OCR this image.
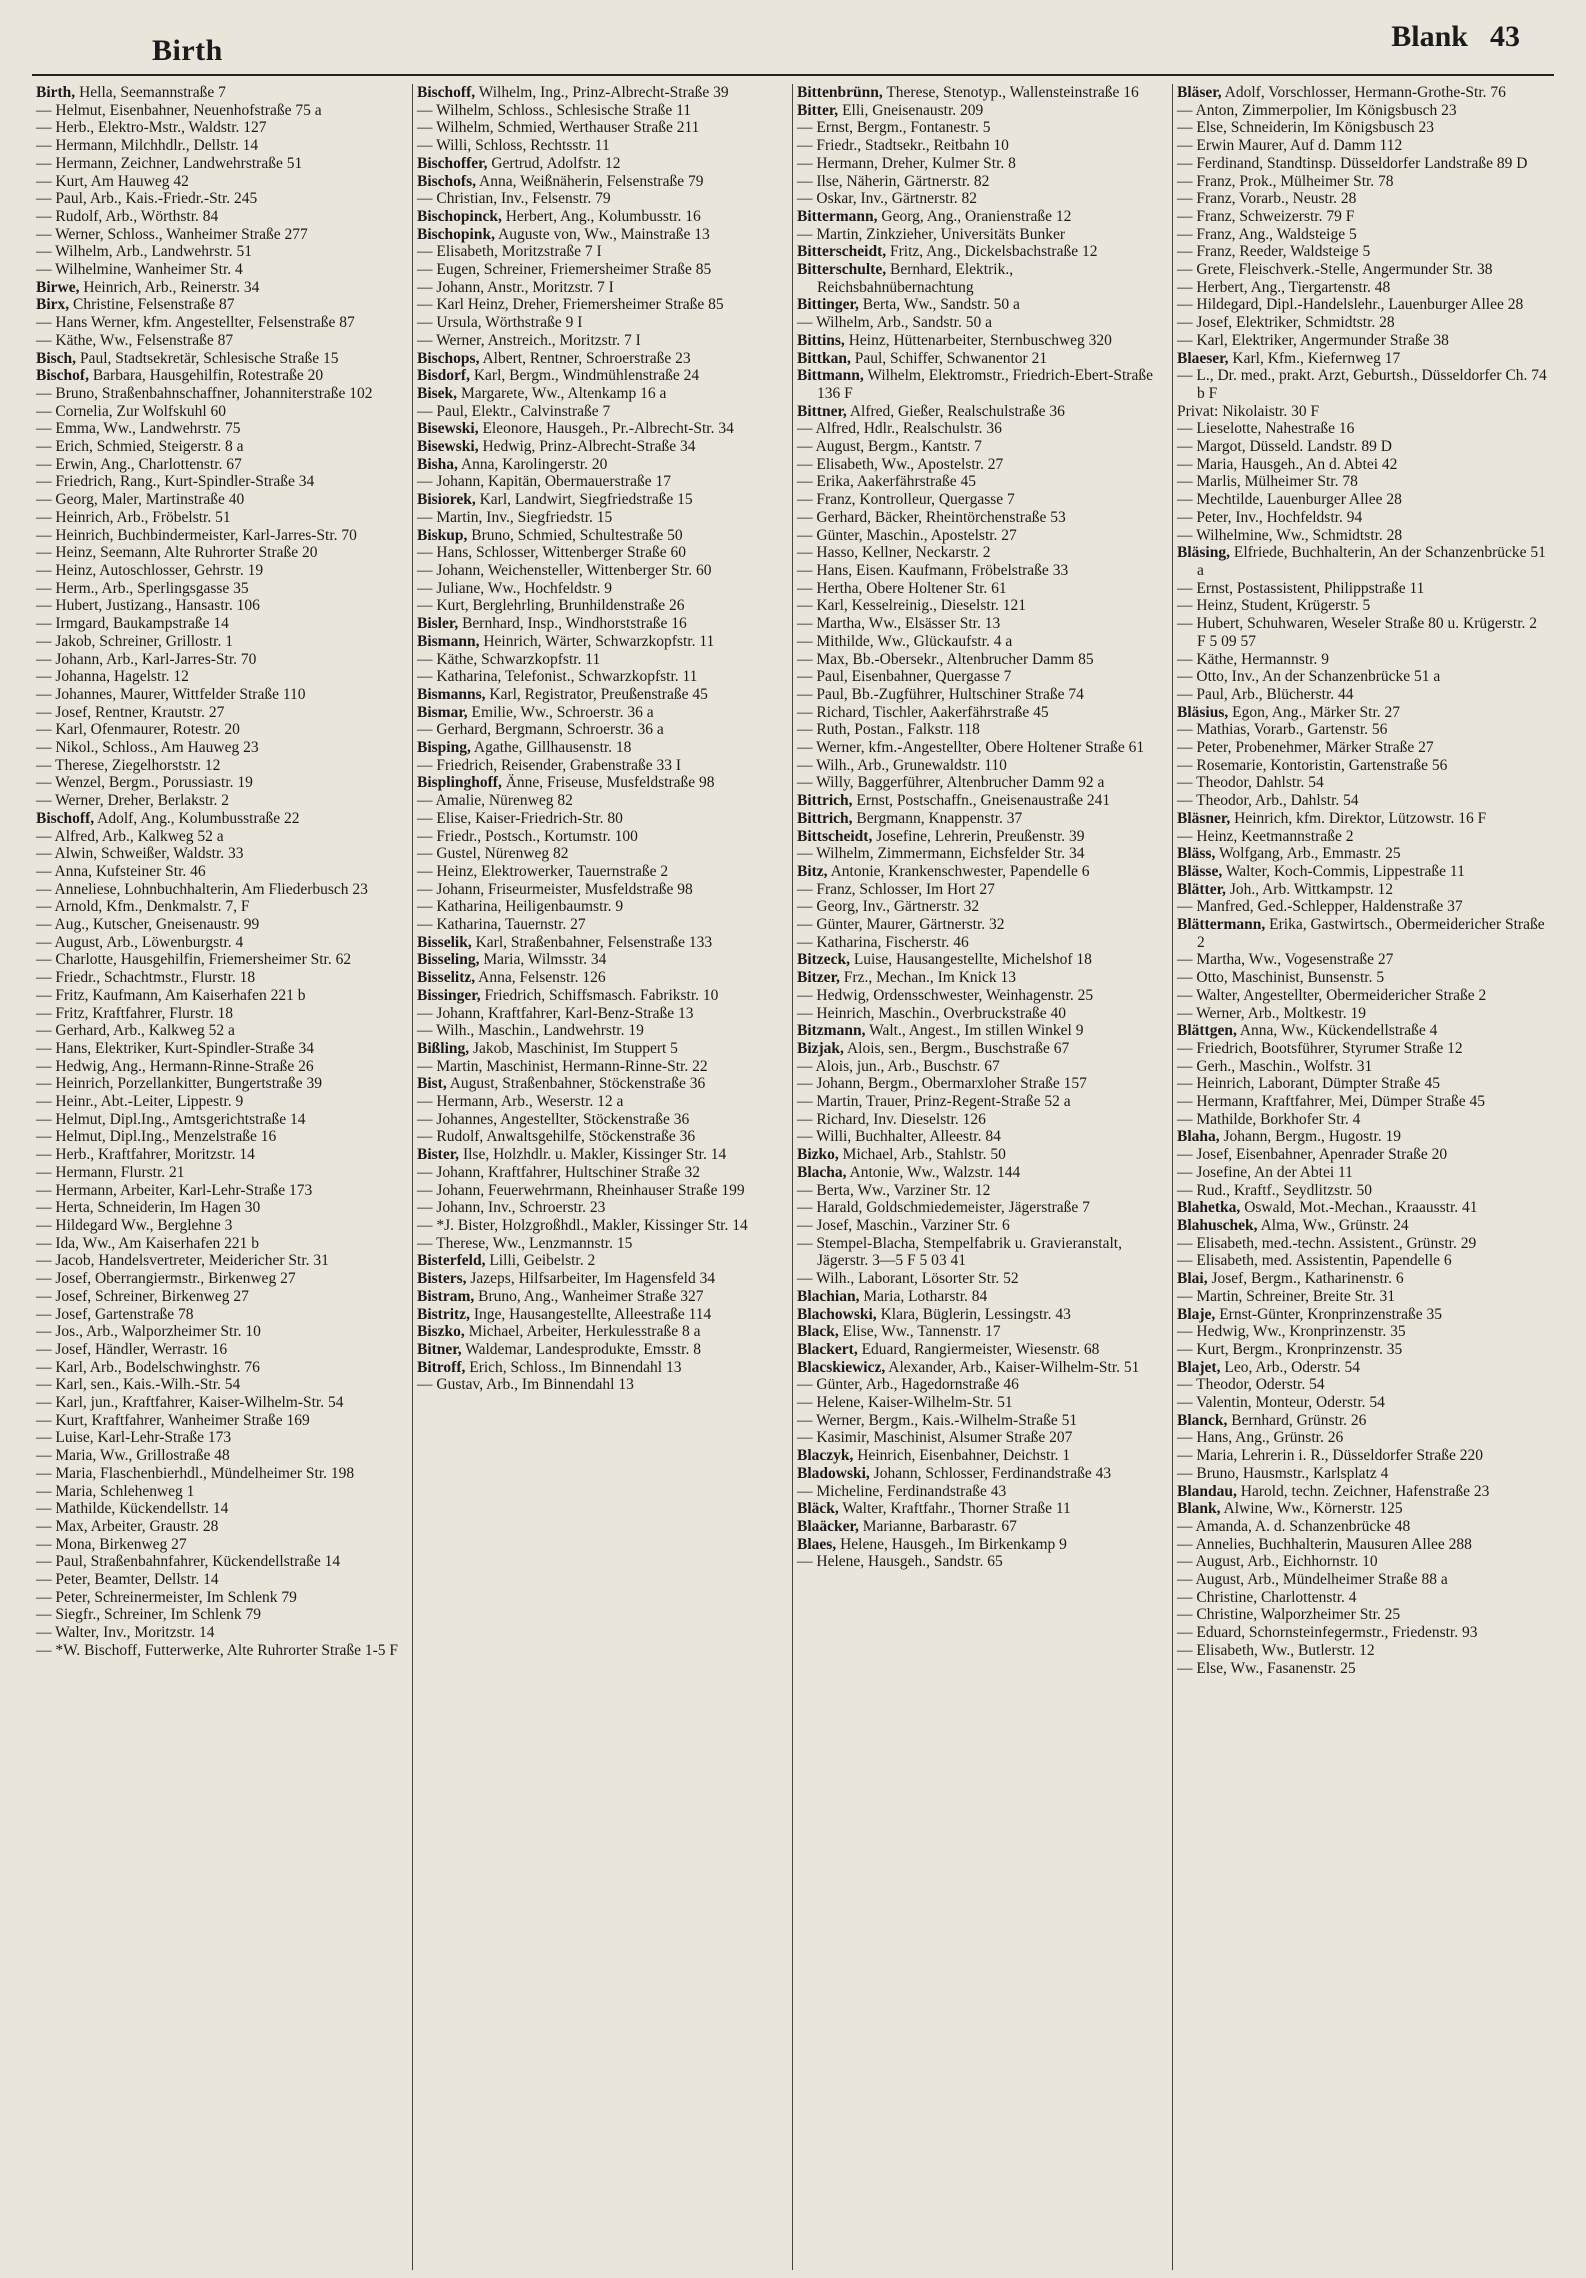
Birth	Blank 43
Birth, Hella, Seemannstraße 7
— Helmut, Eisenbahner, Neuenhofstraße 75 a
— Herb., Elektro-Mstr., Waldstr. 127
— Hermann, Milchhdlr., Dellstr. 14
— Hermann, Zeichner, Landwehrstraße 51
— Kurt, Am Hauweg 42
— Paul, Arb., Kais.-Friedr.-Str. 245
— Rudolf, Arb., Wörthstr. 84
— Werner, Schloss., Wanheimer Straße 277
— Wilhelm, Arb., Landwehrstr. 51
— Wilhelmine, Wanheimer Str. 4
Birwe, Heinrich, Arb., Reinerstr. 34
Birx, Christine, Felsenstraße 87
— Hans Werner, kfm. Angestellter, Felsenstraße 87
— Käthe, Ww., Felsenstraße 87
Bisch, Paul, Stadtsekretär, Schlesische Straße 15
Bischof, Barbara, Hausgehilfin, Rotestraße 20
— Bruno, Straßenbahnschaffner, Johanniterstraße 102
— Cornelia, Zur Wolfskuhl 60
— Emma, Ww., Landwehrstr. 75
— Erich, Schmied, Steigerstr. 8 a
— Erwin, Ang., Charlottenstr. 67
— Friedrich, Rang., Kurt-Spindler-Straße 34
— Georg, Maler, Martinstraße 40
— Heinrich, Arb., Fröbelstr. 51
— Heinrich, Buchbindermeister, Karl-Jarres-Str. 70
— Heinz, Seemann, Alte Ruhrorter Straße 20
— Heinz, Autoschlosser, Gehrstr. 19
— Herm., Arb., Sperlingsgasse 35
— Hubert, Justizang., Hansastr. 106
— Irmgard, Baukampstraße 14
— Jakob, Schreiner, Grillostr. 1
— Johann, Arb., Karl-Jarres-Str. 70
— Johanna, Hagelstr. 12
— Johannes, Maurer, Wittfelder Straße 110
— Josef, Rentner, Krautstr. 27
— Karl, Ofenmaurer, Rotestr. 20
— Nikol., Schloss., Am Hauweg 23
— Therese, Ziegelhorststr. 12
— Wenzel, Bergm., Porussiastr. 19
— Werner, Dreher, Berlakstr. 2
Bischoff, Adolf, Ang., Kolumbusstraße 22
— Alfred, Arb., Kalkweg 52 a
— Alwin, Schweißer, Waldstr. 33
— Anna, Kufsteiner Str. 46
— Anneliese, Lohnbuchhalterin, Am Fliederbusch 23
— Arnold, Kfm., Denkmalstr. 7, F
— Aug., Kutscher, Gneisenaustr. 99
— August, Arb., Löwenburgstr. 4
— Charlotte, Hausgehilfin, Friemersheimer Str. 62
— Friedr., Schachtmstr., Flurstr. 18
— Fritz, Kaufmann, Am Kaiserhafen 221 b
— Fritz, Kraftfahrer, Flurstr. 18
— Gerhard, Arb., Kalkweg 52 a
— Hans, Elektriker, Kurt-Spindler-Straße 34
— Hedwig, Ang., Hermann-Rinne-Straße 26
— Heinrich, Porzellankitter, Bungertstraße 39
— Heinr., Abt.-Leiter, Lippestr. 9
— Helmut, Dipl.Ing., Amtsgerichtstraße 14
— Helmut, Dipl.Ing., Menzelstraße 16
— Herb., Kraftfahrer, Moritzstr. 14
— Hermann, Flurstr. 21
— Hermann, Arbeiter, Karl-Lehr-Straße 173
— Herta, Schneiderin, Im Hagen 30
— Hildegard Ww., Berglehne 3
— Ida, Ww., Am Kaiserhafen 221 b
— Jacob, Handelsvertreter, Meidericher Str. 31
— Josef, Oberrangiermstr., Birkenweg 27
— Josef, Schreiner, Birkenweg 27
— Josef, Gartenstraße 78
— Jos., Arb., Walporzheimer Str. 10
— Josef, Händler, Werrastr. 16
— Karl, Arb., Bodelschwinghstr. 76
— Karl, sen., Kais.-Wilh.-Str. 54
— Karl, jun., Kraftfahrer, Kaiser-Wilhelm-Str. 54
— Kurt, Kraftfahrer, Wanheimer Straße 169
— Luise, Karl-Lehr-Straße 173
— Maria, Ww., Grillostraße 48
— Maria, Flaschenbierhdl., Mündelheimer Str. 198
— Maria, Schlehenweg 1
— Mathilde, Kückendellstr. 14
— Max, Arbeiter, Graustr. 28
— Mona, Birkenweg 27
— Paul, Straßenbahnfahrer, Kückendellstraße 14
— Peter, Beamter, Dellstr. 14
— Peter, Schreinermeister, Im Schlenk 79
— Siegfr., Schreiner, Im Schlenk 79
— Walter, Inv., Moritzstr. 14
— *W. Bischoff, Futterwerke, Alte Ruhrorter Straße 1-5 F
Bischoff, Wilhelm, Ing., Prinz-Albrecht-Straße 39
— Wilhelm, Schloss., Schlesische Straße 11
— Wilhelm, Schmied, Werthauser Straße 211
— Willi, Schloss, Rechtsstr. 11
Bischoffer, Gertrud, Adolfstr. 12
Bischofs, Anna, Weißnäherin, Felsenstraße 79
— Christian, Inv., Felsenstr. 79
Bischopinck, Herbert, Ang., Kolumbusstr. 16
Bischopink, Auguste von, Ww., Mainstraße 13
— Elisabeth, Moritzstraße 7 I
— Eugen, Schreiner, Friemersheimer Straße 85
— Johann, Anstr., Moritzstr. 7 I
— Karl Heinz, Dreher, Friemersheimer Straße 85
— Ursula, Wörthstraße 9 I
— Werner, Anstreich., Moritzstr. 7 I
Bischops, Albert, Rentner, Schroerstraße 23
Bisdorf, Karl, Bergm., Windmühlenstraße 24
Bisek, Margarete, Ww., Altenkamp 16 a
— Paul, Elektr., Calvinstraße 7
Bisewski, Eleonore, Hausgeh., Pr.-Albrecht-Str. 34
Bisewski, Hedwig, Prinz-Albrecht-Straße 34
Bisha, Anna, Karolingerstr. 20
— Johann, Kapitän, Obermauerstraße 17
Bisiorek, Karl, Landwirt, Siegfriedstraße 15
— Martin, Inv., Siegfriedstr. 15
Biskup, Bruno, Schmied, Schultestraße 50
— Hans, Schlosser, Wittenberger Straße 60
— Johann, Weichensteller, Wittenberger Str. 60
— Juliane, Ww., Hochfeldstr. 9
— Kurt, Berglehrling, Brunhildenstraße 26
Bisler, Bernhard, Insp., Windhorststraße 16
Bismann, Heinrich, Wärter, Schwarzkopfstr. 11
— Käthe, Schwarzkopfstr. 11
— Katharina, Telefonist., Schwarzkopfstr. 11
Bismanns, Karl, Registrator, Preußenstraße 45
Bismar, Emilie, Ww., Schroerstr. 36 a
— Gerhard, Bergmann, Schroerstr. 36 a
Bisping, Agathe, Gillhausenstr. 18
— Friedrich, Reisender, Grabenstraße 33 I
Bisplinghoff, Änne, Friseuse, Musfeldstraße 98
— Amalie, Nürenweg 82
— Elise, Kaiser-Friedrich-Str. 80
— Friedr., Postsch., Kortumstr. 100
— Gustel, Nürenweg 82
— Heinz, Elektrowerker, Tauernstraße 2
— Johann, Friseurmeister, Musfeldstraße 98
— Katharina, Heiligenbaumstr. 9
— Katharina, Tauernstr. 27
Bisselik, Karl, Straßenbahner, Felsenstraße 133
Bisseling, Maria, Wilmsstr. 34
Bisselitz, Anna, Felsenstr. 126
Bissinger, Friedrich, Schiffsmasch. Fabrikstr. 10
— Johann, Kraftfahrer, Karl-Benz-Straße 13
— Wilh., Maschin., Landwehrstr. 19
Bißling, Jakob, Maschinist, Im Stuppert 5
— Martin, Maschinist, Hermann-Rinne-Str. 22
Bist, August, Straßenbahner, Stöckenstraße 36
— Hermann, Arb., Weserstr. 12 a
— Johannes, Angestellter, Stöckenstraße 36
— Rudolf, Anwaltsgehilfe, Stöckenstraße 36
Bister, Ilse, Holzhdlr. u. Makler, Kissinger Str. 14
— Johann, Kraftfahrer, Hultschiner Straße 32
— Johann, Feuerwehrmann, Rheinhauser Straße 199
— Johann, Inv., Schroerstr. 23
— *J. Bister, Holzgroßhdl., Makler, Kissinger Str. 14
— Therese, Ww., Lenzmannstr. 15
Bisterfeld, Lilli, Geibelstr. 2
Bisters, Jazeps, Hilfsarbeiter, Im Hagensfeld 34
Bistram, Bruno, Ang., Wanheimer Straße 327
Bistritz, Inge, Hausangestellte, Alleestraße 114
Biszko, Michael, Arbeiter, Herkulesstraße 8 a
Bitner, Waldemar, Landesprodukte, Emsstr. 8
Bitroff, Erich, Schloss., Im Binnendahl 13
— Gustav, Arb., Im Binnendahl 13
Bittenbrünn, Therese, Stenotyp., Wallensteinstraße 16
Bitter, Elli, Gneisenaustr. 209
— Ernst, Bergm., Fontanestr. 5
— Friedr., Stadtsekr., Reitbahn 10
— Hermann, Dreher, Kulmer Str. 8
— Ilse, Näherin, Gärtnerstr. 82
— Oskar, Inv., Gärtnerstr. 82
Bittermann, Georg, Ang., Oranienstraße 12
— Martin, Zinkzieher, Universitäts Bunker
Bitterscheidt, Fritz, Ang., Dickelsbachstraße 12
Bitterschulte, Bernhard, Elektrik., Reichsbahnübernachtung
Bittinger, Berta, Ww., Sandstr. 50 a
— Wilhelm, Arb., Sandstr. 50 a
Bittins, Heinz, Hüttenarbeiter, Sternbuschweg 320
Bittkan, Paul, Schiffer, Schwanentor 21
Bittmann, Wilhelm, Elektromstr., Friedrich-Ebert-Straße 136 F
Bittner, Alfred, Gießer, Realschulstraße 36
— Alfred, Hdlr., Realschulstr. 36
— August, Bergm., Kantstr. 7
— Elisabeth, Ww., Apostelstr. 27
— Erika, Aakerfährstraße 45
— Franz, Kontrolleur, Quergasse 7
— Gerhard, Bäcker, Rheintörchenstraße 53
— Günter, Maschin., Apostelstr. 27
— Hasso, Kellner, Neckarstr. 2
— Hans, Eisen. Kaufmann, Fröbelstraße 33
— Hertha, Obere Holtener Str. 61
— Karl, Kesselreinig., Dieselstr. 121
— Martha, Ww., Elsässer Str. 13
— Mithilde, Ww., Glückaufstr. 4 a
— Max, Bb.-Obersekr., Altenbrucher Damm 85
— Paul, Eisenbahner, Quergasse 7
— Paul, Bb.-Zugführer, Hultschiner Straße 74
— Richard, Tischler, Aakerfährstraße 45
— Ruth, Postan., Falkstr. 118
— Werner, kfm.-Angestellter, Obere Holtener Straße 61
— Wilh., Arb., Grunewaldstr. 110
— Willy, Baggerführer, Altenbrucher Damm 92 a
Bittrich, Ernst, Postschaffn., Gneisenaustraße 241
Bittrich, Bergmann, Knappenstr. 37
Bittscheidt, Josefine, Lehrerin, Preußenstr. 39
— Wilhelm, Zimmermann, Eichsfelder Str. 34
Bitz, Antonie, Krankenschwester, Papendelle 6
— Franz, Schlosser, Im Hort 27
— Georg, Inv., Gärtnerstr. 32
— Günter, Maurer, Gärtnerstr. 32
— Katharina, Fischerstr. 46
Bitzeck, Luise, Hausangestellte, Michelshof 18
Bitzer, Frz., Mechan., Im Knick 13
— Hedwig, Ordensschwester, Weinhagenstr. 25
— Heinrich, Maschin., Overbruckstraße 40
Bitzmann, Walt., Angest., Im stillen Winkel 9
Bizjak, Alois, sen., Bergm., Buschstraße 67
— Alois, jun., Arb., Buschstr. 67
— Johann, Bergm., Obermarxloher Straße 157
— Martin, Trauer, Prinz-Regent-Straße 52 a
— Richard, Inv. Dieselstr. 126
— Willi, Buchhalter, Alleestr. 84
Bizko, Michael, Arb., Stahlstr. 50
Blacha, Antonie, Ww., Walzstr. 144
— Berta, Ww., Varziner Str. 12
— Harald, Goldschmiedemeister, Jägerstraße 7
— Josef, Maschin., Varziner Str. 6
— Stempel-Blacha, Stempelfabrik u. Gravieranstalt, Jägerstr. 3—5 F 5 03 41
— Wilh., Laborant, Lösorter Str. 52
Blachian, Maria, Lotharstr. 84
Blachowski, Klara, Büglerin, Lessingstr. 43
Black, Elise, Ww., Tannenstr. 17
Blackert, Eduard, Rangiermeister, Wiesenstr. 68
Blacskiewicz, Alexander, Arb., Kaiser-Wilhelm-Str. 51
— Günter, Arb., Hagedornstraße 46
— Helene, Kaiser-Wilhelm-Str. 51
— Werner, Bergm., Kais.-Wilhelm-Straße 51
— Kasimir, Maschinist, Alsumer Straße 207
Blaczyk, Heinrich, Eisenbahner, Deichstr. 1
Bladowski, Johann, Schlosser, Ferdinandstraße 43
— Micheline, Ferdinandstraße 43
Bläck, Walter, Kraftfahr., Thorner Straße 11
Blaäcker, Marianne, Barbarastr. 67
Blaes, Helene, Hausgeh., Im Birkenkamp 9
— Helene, Hausgeh., Sandstr. 65
Bläser, Adolf, Vorschlosser, Hermann-Grothe-Str. 76
— Anton, Zimmerpolier, Im Königsbusch 23
— Else, Schneiderin, Im Königsbusch 23
— Erwin Maurer, Auf d. Damm 112
— Ferdinand, Standtinsp. Düsseldorfer Landstraße 89 D
— Franz, Prok., Mülheimer Str. 78
— Franz, Vorarb., Neustr. 28
— Franz, Schweizerstr. 79 F
— Franz, Ang., Waldsteige 5
— Franz, Reeder, Waldsteige 5
— Grete, Fleischverk.-Stelle, Angermunder Str. 38
— Herbert, Ang., Tiergartenstr. 48
— Hildegard, Dipl.-Handelslehr., Lauenburger Allee 28
— Josef, Elektriker, Schmidtstr. 28
— Karl, Elektriker, Angermunder Straße 38
Blaeser, Karl, Kfm., Kiefernweg 17
— L., Dr. med., prakt. Arzt, Geburtsh., Düsseldorfer Ch. 74 b F
Privat: Nikolaistr. 30 F
— Lieselotte, Nahestraße 16
— Margot, Düsseld. Landstr. 89 D
— Maria, Hausgeh., An d. Abtei 42
— Marlis, Mülheimer Str. 78
— Mechtilde, Lauenburger Allee 28
— Peter, Inv., Hochfeldstr. 94
— Wilhelmine, Ww., Schmidtstr. 28
Bläsing, Elfriede, Buchhalterin, An der Schanzenbrücke 51 a
— Ernst, Postassistent, Philippstraße 11
— Heinz, Student, Krügerstr. 5
— Hubert, Schuhwaren, Weseler Straße 80 u. Krügerstr. 2 F 5 09 57
— Käthe, Hermannstr. 9
— Otto, Inv., An der Schanzenbrücke 51 a
— Paul, Arb., Blücherstr. 44
Bläsius, Egon, Ang., Märker Str. 27
— Mathias, Vorarb., Gartenstr. 56
— Peter, Probenehmer, Märker Straße 27
— Rosemarie, Kontoristin, Gartenstraße 56
— Theodor, Dahlstr. 54
— Theodor, Arb., Dahlstr. 54
Bläsner, Heinrich, kfm. Direktor, Lützowstr. 16 F
— Heinz, Keetmannstraße 2
Bläss, Wolfgang, Arb., Emmastr. 25
Blässe, Walter, Koch-Commis, Lippestraße 11
Blätter, Joh., Arb. Wittkampstr. 12
— Manfred, Ged.-Schlepper, Haldenstraße 37
Blättermann, Erika, Gastwirtsch., Obermeidericher Straße 2
— Martha, Ww., Vogesenstraße 27
— Otto, Maschinist, Bunsenstr. 5
— Walter, Angestellter, Obermeidericher Straße 2
— Werner, Arb., Moltkestr. 19
Blättgen, Anna, Ww., Kückendellstraße 4
— Friedrich, Bootsführer, Styrumer Straße 12
— Gerh., Maschin., Wolfstr. 31
— Heinrich, Laborant, Dümpter Straße 45
— Hermann, Kraftfahrer, Mei, Dümper Straße 45
— Mathilde, Borkhofer Str. 4
Blaha, Johann, Bergm., Hugostr. 19
— Josef, Eisenbahner, Apenrader Straße 20
— Josefine, An der Abtei 11
— Rud., Kraftf., Seydlitzstr. 50
Blahetka, Oswald, Mot.-Mechan., Kraausstr. 41
Blahuschek, Alma, Ww., Grünstr. 24
— Elisabeth, med.-techn. Assistent., Grünstr. 29
— Elisabeth, med. Assistentin, Papendelle 6
Blai, Josef, Bergm., Katharinenstr. 6
— Martin, Schreiner, Breite Str. 31
Blaje, Ernst-Günter, Kronprinzenstraße 35
— Hedwig, Ww., Kronprinzenstr. 35
— Kurt, Bergm., Kronprinzenstr. 35
Blajet, Leo, Arb., Oderstr. 54
— Theodor, Oderstr. 54
— Valentin, Monteur, Oderstr. 54
Blanck, Bernhard, Grünstr. 26
— Hans, Ang., Grünstr. 26
— Maria, Lehrerin i. R., Düsseldorfer Straße 220
— Bruno, Hausmstr., Karlsplatz 4
Blandau, Harold, techn. Zeichner, Hafenstraße 23
Blank, Alwine, Ww., Körnerstr. 125
— Amanda, A. d. Schanzenbrücke 48
— Annelies, Buchhalterin, Mausuren Allee 288
— August, Arb., Eichhornstr. 10
— August, Arb., Mündelheimer Straße 88 a
— Christine, Charlottenstr. 4
— Christine, Walporzheimer Str. 25
— Eduard, Schornsteinfegermstr., Friedenstr. 93
— Elisabeth, Ww., Butlerstr. 12
— Else, Ww., Fasanenstr. 25
